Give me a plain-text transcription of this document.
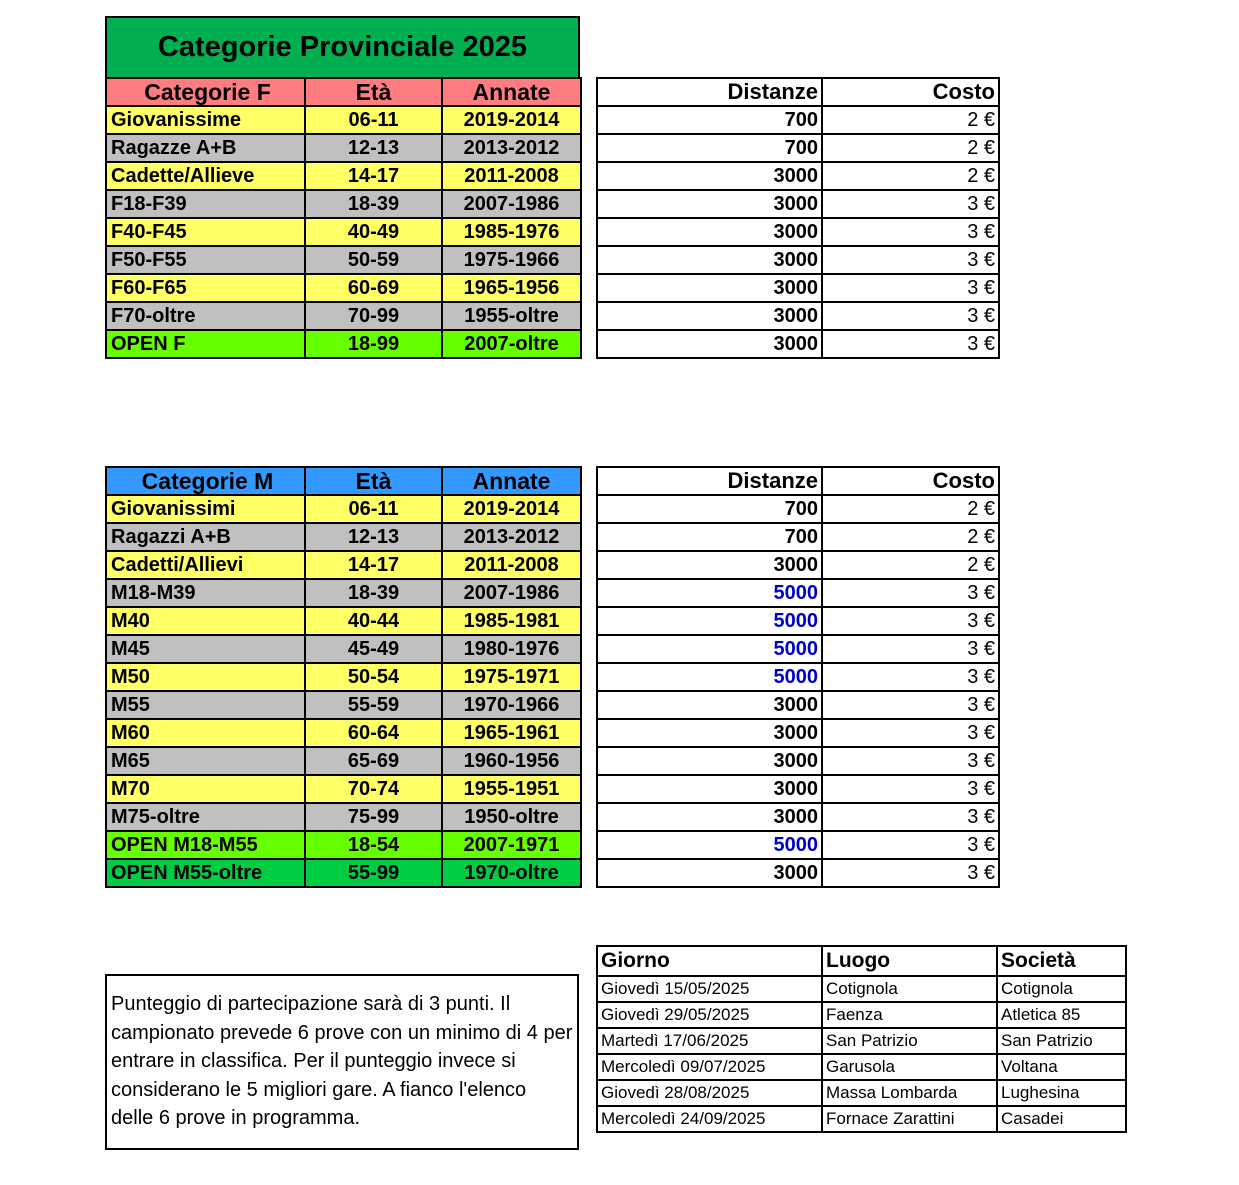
Categorie Provinciale 2025
Categorie F	Età	Annate
Giovanissime	06-11	2019-2014
Ragazze A+B	12-13	2013-2012
Cadette/Allieve	14-17	2011-2008
F18-F39	18-39	2007-1986
F40-F45	40-49	1985-1976
F50-F55	50-59	1975-1966
F60-F65	60-69	1965-1956
F70-oltre	70-99	1955-oltre
OPEN F	18-99	2007-oltre
Distanze	Costo
700	2 €
700	2 €
3000	2 €
3000	3 €
3000	3 €
3000	3 €
3000	3 €
3000	3 €
3000	3 €
Categorie M	Età	Annate
Giovanissimi	06-11	2019-2014
Ragazzi A+B	12-13	2013-2012
Cadetti/Allievi	14-17	2011-2008
M18-M39	18-39	2007-1986
M40	40-44	1985-1981
M45	45-49	1980-1976
M50	50-54	1975-1971
M55	55-59	1970-1966
M60	60-64	1965-1961
M65	65-69	1960-1956
M70	70-74	1955-1951
M75-oltre	75-99	1950-oltre
OPEN M18-M55	18-54	2007-1971
OPEN M55-oltre	55-99	1970-oltre
Distanze	Costo
700	2 €
700	2 €
3000	2 €
5000	3 €
5000	3 €
5000	3 €
5000	3 €
3000	3 €
3000	3 €
3000	3 €
3000	3 €
3000	3 €
5000	3 €
3000	3 €
Giorno	Luogo	Società
Giovedì 15/05/2025	Cotignola	Cotignola
Giovedì 29/05/2025	Faenza	Atletica 85
Martedì 17/06/2025	San Patrizio	San Patrizio
Mercoledì 09/07/2025	Garusola	Voltana
Giovedì 28/08/2025	Massa Lombarda	Lughesina
Mercoledì 24/09/2025	Fornace Zarattini	Casadei
Punteggio di partecipazione sarà di 3 punti. Il campionato prevede 6 prove con un minimo di 4 per entrare in classifica. Per il punteggio invece si considerano le 5 migliori gare. A fianco l'elenco delle 6 prove in programma.
